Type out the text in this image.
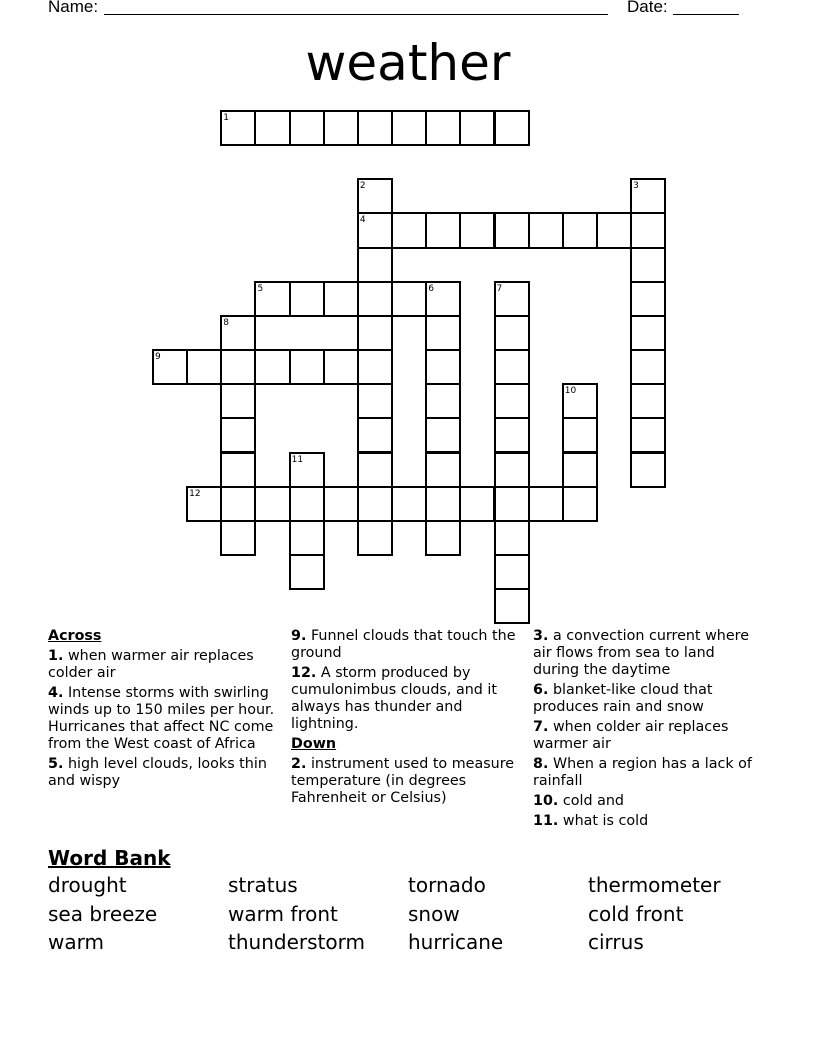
Name:	Date:
weather
1
2	3
4
5	6	7
8
9
10
11
12
Across
1. when warmer air replaces colder air
4. Intense storms with swirling winds up to 150 miles per hour. Hurricanes that affect NC come from the West coast of Africa
5. high level clouds, looks thin and wispy
9. Funnel clouds that touch the ground
12. A storm produced by cumulonimbus clouds, and it always has thunder and lightning.
Down
2. instrument used to measure temperature (in degrees Fahrenheit or Celsius)
3. a convection current where air flows from sea to land during the daytime
6. blanket-like cloud that produces rain and snow
7. when colder air replaces warmer air
8. When a region has a lack of rainfall
10. cold and
11. what is cold
Word Bank
drought	stratus	tornado	thermometer
sea breeze	warm front	snow	cold front
warm	thunderstorm	hurricane	cirrus
